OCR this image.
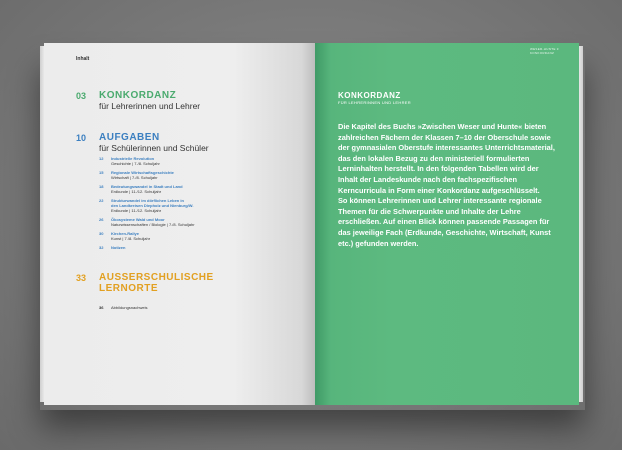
Inhalt
03 KONKORDANZ
für Lehrerinnen und Lehrer
10 AUFGABEN
für Schülerinnen und Schüler
12 Industrielle Revolution
Geschichte | 7./8. Schuljahr
15 Regionale Wirtschaftsgeschichte
Wirtschaft | 7./8. Schuljahr
18 Bedeutungswandel in Stadt und Land
Erdkunde | 11./12. Schuljahr
22 Strukturwandel im dörflichen Leben in
den Landkreisen Diepholz und Nienburg/W.
Erdkunde | 11./12. Schuljahr
26 Ökosysteme Wald und Moor
Naturwissenschaften / Biologie | 7./8. Schuljahr
30 Kirchen-Rallye
Kunst | 7./8. Schuljahr
32 Notizen
33 AUSSERSCHULISCHE
LERNORTE
36 Abbildungsnachweis
WESER-HUNTE 3
KONKORDANZ
KONKORDANZ
FÜR LEHRERINNEN UND LEHRER

Die Kapitel des Buchs »Zwischen Weser und Hunte« bieten zahlreichen Fächern der Klassen 7–10 der Oberschule sowie der gymnasialen Oberstufe interessantes Unterrichtsmaterial, das den lokalen Bezug zu den ministeriell formulierten Lerninhalten herstellt. In den folgenden Tabellen wird der Inhalt der Landeskunde nach den fachspezifischen Kerncurricula in Form einer Konkordanz aufgeschlüsselt.

So können Lehrerinnen und Lehrer interessante regionale Themen für die Schwerpunkte und Inhalte der Lehre erschließen. Auf einen Blick können passende Passagen für das jeweilige Fach (Erdkunde, Geschichte, Wirtschaft, Kunst etc.) gefunden werden.
